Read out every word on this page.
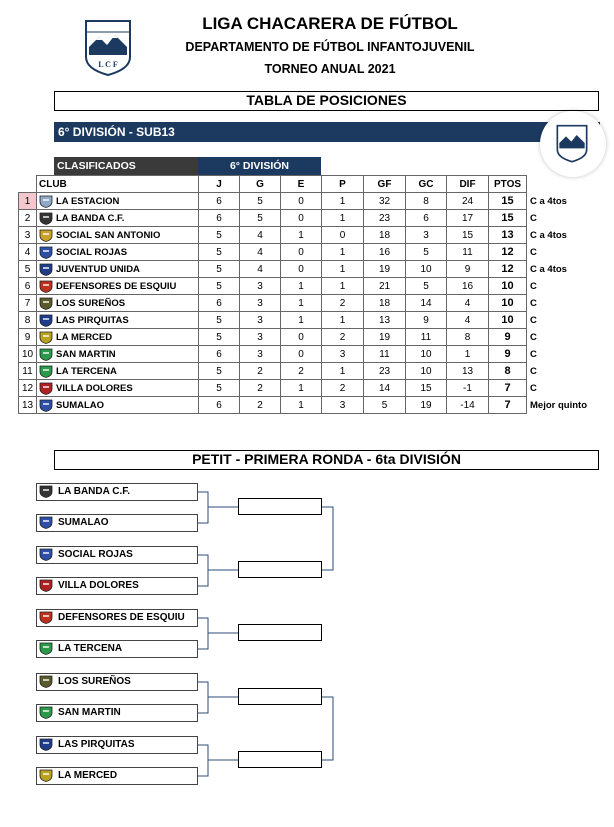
L C F
LIGA CHACARERA DE FÚTBOL
DEPARTAMENTO DE FÚTBOL INFANTOJUVENIL
TORNEO ANUAL 2021
TABLA DE POSICIONES
6° DIVISIÓN - SUB13
CLASIFICADOS	6° DIVISIÓN
	CLUB	J	G	E	P	GF	GC	DIF	PTOS	
1	LA ESTACION	6	5	0	1	32	8	24	15	C a 4tos
2	LA BANDA C.F.	6	5	0	1	23	6	17	15	C
3	SOCIAL SAN ANTONIO	5	4	1	0	18	3	15	13	C a 4tos
4	SOCIAL ROJAS	5	4	0	1	16	5	11	12	C
5	JUVENTUD UNIDA	5	4	0	1	19	10	9	12	C a 4tos
6	DEFENSORES DE ESQUIU	5	3	1	1	21	5	16	10	C
7	LOS SUREÑOS	6	3	1	2	18	14	4	10	C
8	LAS PIRQUITAS	5	3	1	1	13	9	4	10	C
9	LA MERCED	5	3	0	2	19	11	8	9	C
10	SAN MARTIN	6	3	0	3	11	10	1	9	C
11	LA TERCENA	5	2	2	1	23	10	13	8	C
12	VILLA DOLORES	5	2	1	2	14	15	-1	7	C
13	SUMALAO	6	2	1	3	5	19	-14	7	Mejor quinto
PETIT - PRIMERA RONDA - 6ta DIVISIÓN
LA BANDA C.F.
SUMALAO
SOCIAL ROJAS
VILLA DOLORES
DEFENSORES DE ESQUIU
LA TERCENA
LOS SUREÑOS
SAN MARTIN
LAS PIRQUITAS
LA MERCED
